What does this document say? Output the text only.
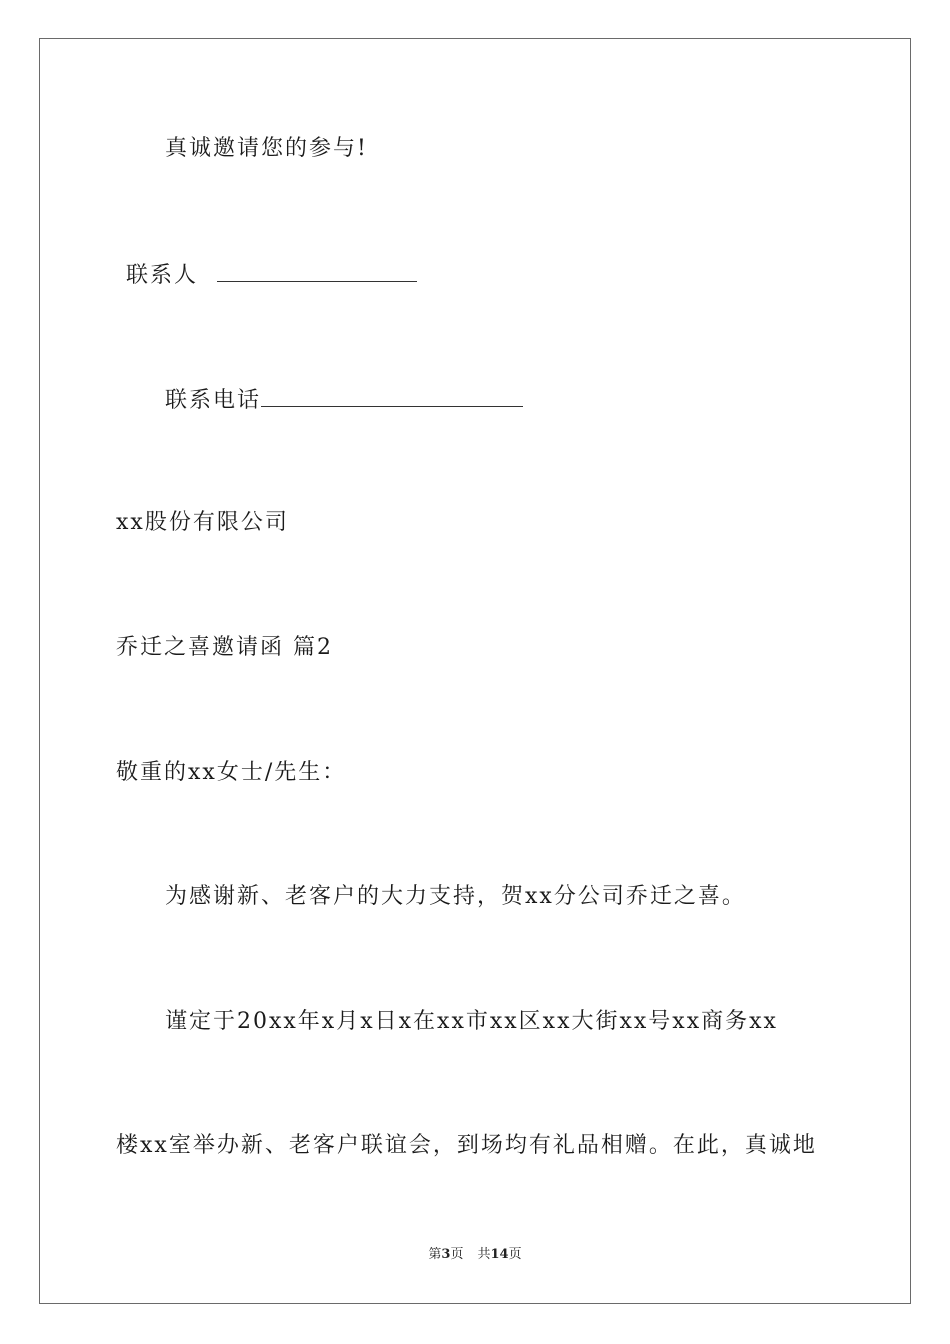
真诚邀请您的参与!
联系人
联系电话
xx股份有限公司
乔迁之喜邀请函 篇2
敬重的xx女士/先生：
为感谢新、老客户的大力支持，贺xx分公司乔迁之喜。
谨定于20xx年x月x日x在xx市xx区xx大街xx号xx商务xx
楼xx室举办新、老客户联谊会，到场均有礼品相赠。在此，真诚地
第3页 共14页
